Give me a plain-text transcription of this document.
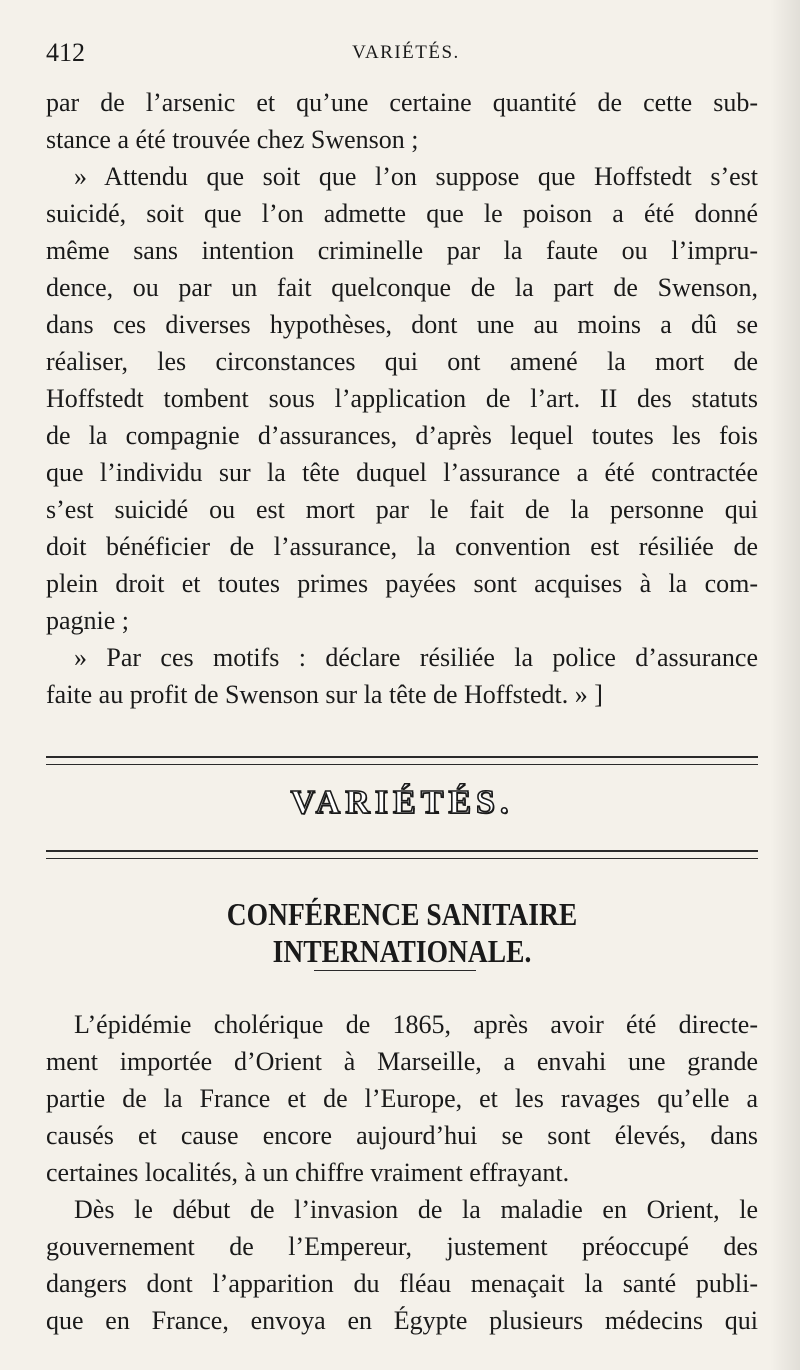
412	VARIÉTÉS.
par de l’arsenic et qu’une certaine quantité de cette sub-
stance a été trouvée chez Swenson ;
» Attendu que soit que l’on suppose que Hoffstedt s’est
suicidé, soit que l’on admette que le poison a été donné
même sans intention criminelle par la faute ou l’impru-
dence, ou par un fait quelconque de la part de Swenson,
dans ces diverses hypothèses, dont une au moins a dû se
réaliser, les circonstances qui ont amené la mort de
Hoffstedt tombent sous l’application de l’art. II des statuts
de la compagnie d’assurances, d’après lequel toutes les fois
que l’individu sur la tête duquel l’assurance a été contractée
s’est suicidé ou est mort par le fait de la personne qui
doit bénéficier de l’assurance, la convention est résiliée de
plein droit et toutes primes payées sont acquises à la com-
pagnie ;
» Par ces motifs : déclare résiliée la police d’assurance
faite au profit de Swenson sur la tête de Hoffstedt. » ]
VARIÉTÉS.
CONFÉRENCE SANITAIRE INTERNATIONALE.
L’épidémie cholérique de 1865, après avoir été directe-
ment importée d’Orient à Marseille, a envahi une grande
partie de la France et de l’Europe, et les ravages qu’elle a
causés et cause encore aujourd’hui se sont élevés, dans
certaines localités, à un chiffre vraiment effrayant.
Dès le début de l’invasion de la maladie en Orient, le
gouvernement de l’Empereur, justement préoccupé des
dangers dont l’apparition du fléau menaçait la santé publi-
que en France, envoya en Égypte plusieurs médecins qui
